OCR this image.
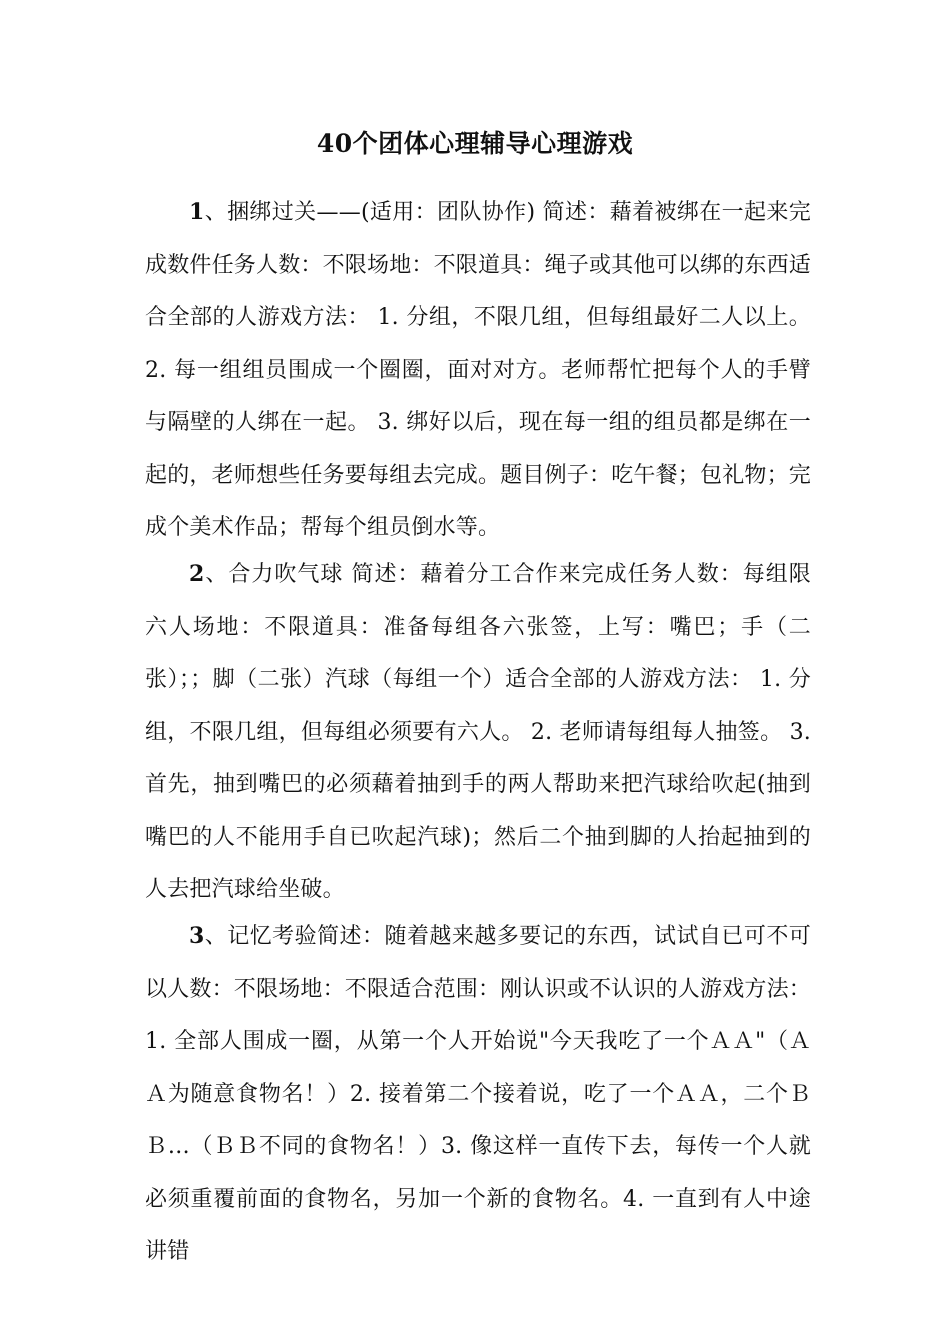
40个团体心理辅导心理游戏

1、捆绑过关——(适用：团队协作) 简述：藉着被绑在一起来完成数件任务人数：不限场地：不限道具：绳子或其他可以绑的东西适合全部的人游戏方法： 1. 分组，不限几组，但每组最好二人以上。 2. 每一组组员围成一个圈圈，面对对方。老师帮忙把每个人的手臂与隔壁的人绑在一起。 3. 绑好以后，现在每一组的组员都是绑在一起的，老师想些任务要每组去完成。题目例子：吃午餐；包礼物；完成个美术作品；帮每个组员倒水等。

2、合力吹气球 简述：藉着分工合作来完成任务人数：每组限六人场地：不限道具：准备每组各六张签，上写：嘴巴；手（二张）；；脚（二张）汽球（每组一个）适合全部的人游戏方法： 1. 分组，不限几组，但每组必须要有六人。 2. 老师请每组每人抽签。 3. 首先，抽到嘴巴的必须藉着抽到手的两人帮助来把汽球给吹起(抽到嘴巴的人不能用手自已吹起汽球)；然后二个抽到脚的人抬起抽到的人去把汽球给坐破。

3、记忆考验简述：随着越来越多要记的东西，试试自已可不可以人数：不限场地：不限适合范围：刚认识或不认识的人游戏方法：1. 全部人围成一圈，从第一个人开始说"今天我吃了一个ＡＡ"（ＡＡ为随意食物名！）2. 接着第二个接着说，吃了一个ＡＡ，二个ＢＢ…（ＢＢ不同的食物名！）3. 像这样一直传下去，每传一个人就必须重覆前面的食物名，另加一个新的食物名。4. 一直到有人中途讲错
